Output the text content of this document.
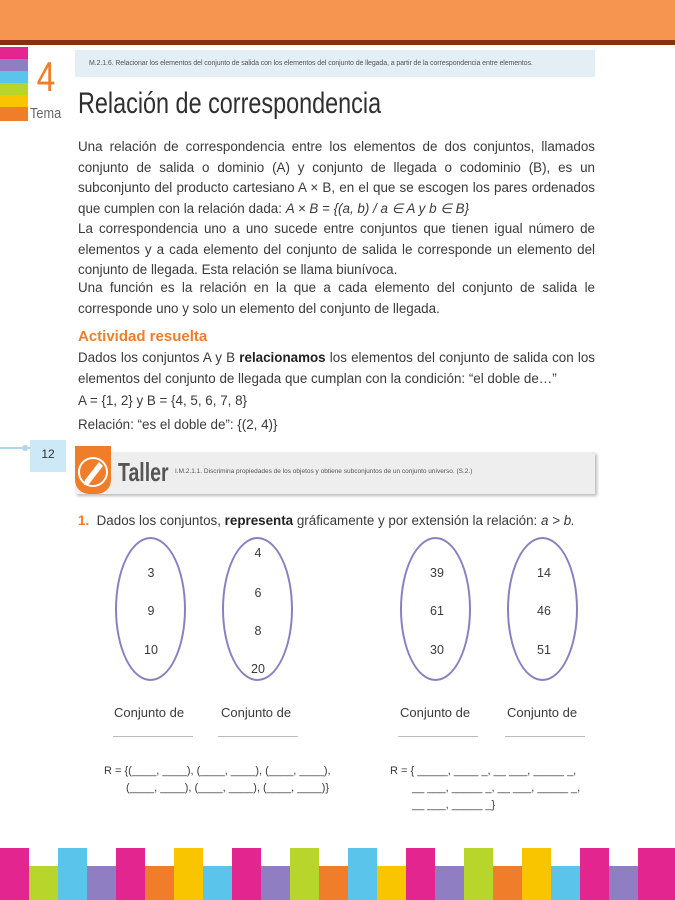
4
Tema
M.2.1.6. Relacionar los elementos del conjunto de salida con los elementos del conjunto de llegada, a partir de la correspondencia entre elementos.
Relación de correspondencia
Una relación de correspondencia entre los elementos de dos conjuntos, llamados conjunto de salida o dominio (A) y conjunto de llegada o codominio (B), es un subconjunto del producto cartesiano A × B, en el que se escogen los pares ordenados que cumplen con la relación dada: A × B = {(a, b) / a ∈ A y b ∈ B}
La correspondencia uno a uno sucede entre conjuntos que tienen igual número de elementos y a cada elemento del conjunto de salida le corresponde un elemento del conjunto de llegada. Esta relación se llama biunívoca.
Una función es la relación en la que a cada elemento del conjunto de salida le corresponde uno y solo un elemento del conjunto de llegada.
Actividad resuelta
Dados los conjuntos A y B relacionamos los elementos del conjunto de salida con los elementos del conjunto de llegada que cumplan con la condición: “el doble de…”
A = {1, 2} y B = {4, 5, 6, 7, 8}
Relación: “es el doble de”: {(2, 4)}
12
Taller I.M.2.1.1. Discrimina propiedades de los objetos y obtiene subconjuntos de un conjunto universo. (S.2.)
1. Dados los conjuntos, representa gráficamente y por extensión la relación: a > b.
3
9
10
4
6
8
20
39
61
30
14
46
51
Conjunto de	Conjunto de	Conjunto de	Conjunto de
R = {(____, ____), (____, ____), (____, ____),
(____, ____), (____, ____), (____, ____)}
R = { _____, ____ _, __ ___, _____ _,
__ ___, _____ _, __ ___, _____ _,
__ ___, _____ _}
